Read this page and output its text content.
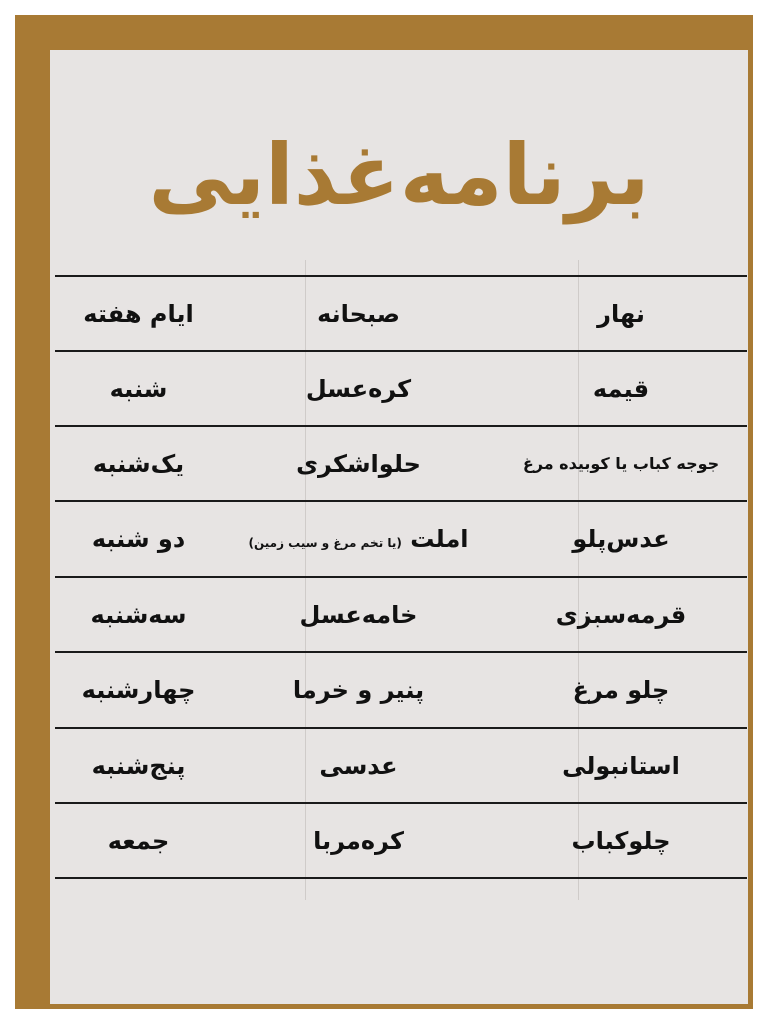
برنامه‌غذایی
ایام هفته	صبحانه	نهار
شنبه	کره‌عسل	قیمه
یک‌شنبه	حلواشکری	جوجه کباب یا کوبیده مرغ
دو شنبه	املت (یا تخم مرغ و سیب زمین)	عدس‌پلو
سه‌شنبه	خامه‌عسل	قرمه‌سبزی
چهارشنبه	پنیر و خرما	چلو مرغ
پنج‌شنبه	عدسی	استانبولی
جمعه	کره‌مربا	چلوکباب
